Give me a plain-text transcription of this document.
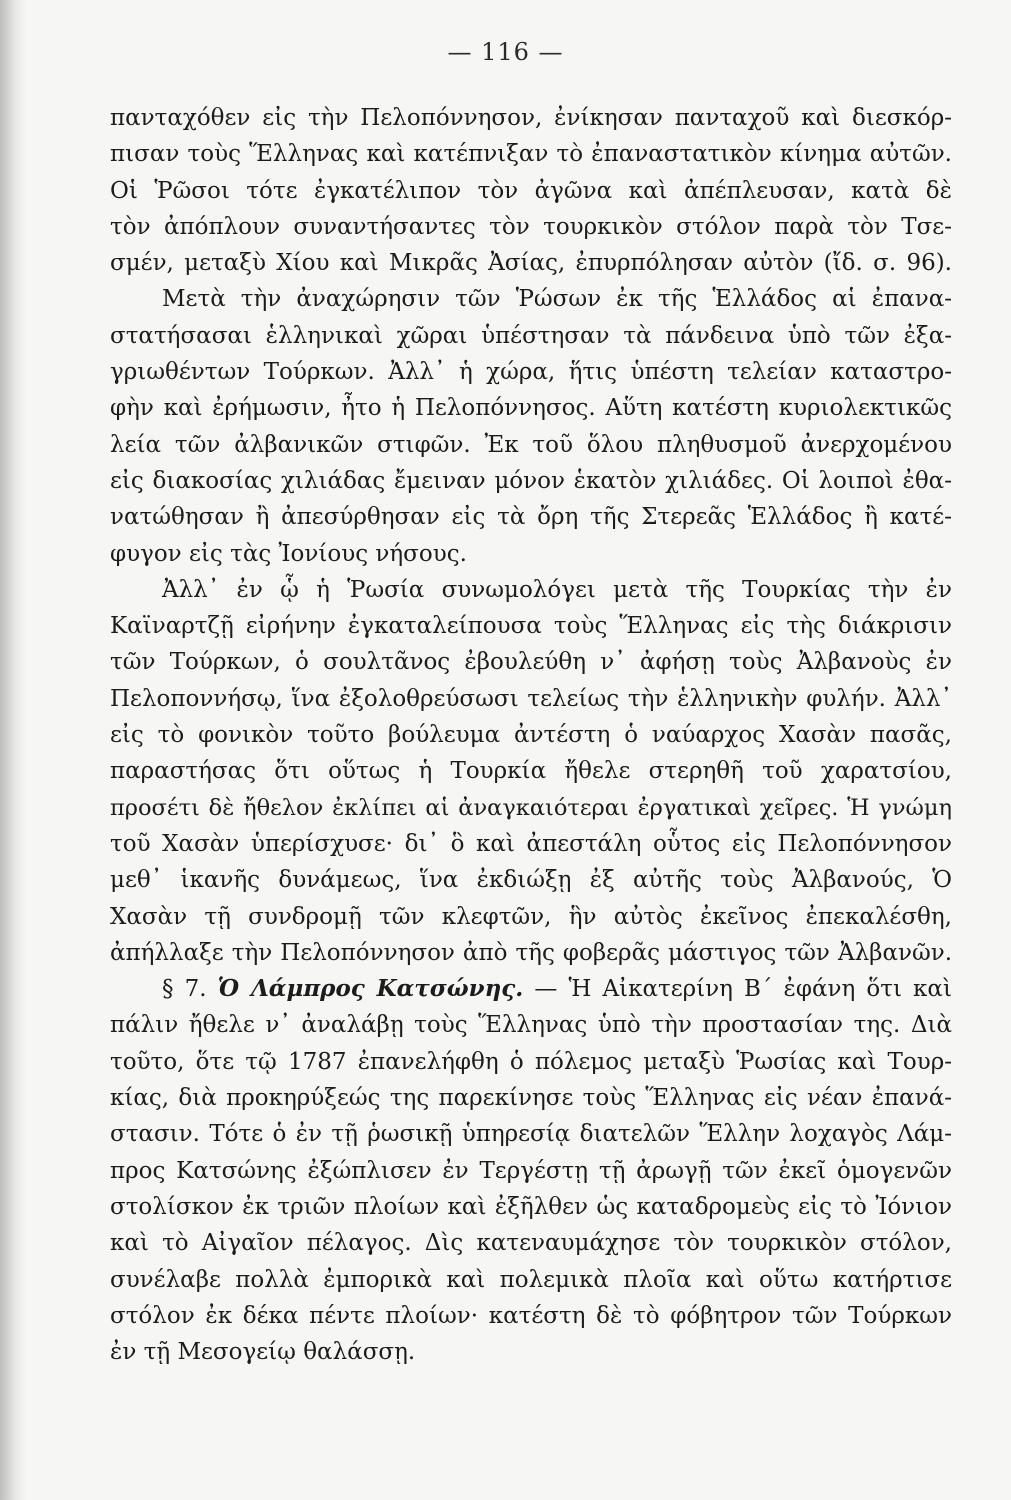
— 116 —
πανταχόθεν εἰς τὴν Πελοπόννησον, ἐνίκησαν πανταχοῦ καὶ διεσκόρ-
πισαν τοὺς Ἕλληνας καὶ κατέπνιξαν τὸ ἐπαναστατικὸν κίνημα αὐτῶν.
Οἱ Ῥῶσοι τότε ἐγκατέλιπον τὸν ἀγῶνα καὶ ἀπέπλευσαν, κατὰ δὲ
τὸν ἀπόπλουν συναντήσαντες τὸν τουρκικὸν στόλον παρὰ τὸν Τσε-
σμέν, μεταξὺ Χίου καὶ Μικρᾶς Ἀσίας, ἐπυρπόλησαν αὐτὸν (ἴδ. σ. 96).
Μετὰ τὴν ἀναχώρησιν τῶν Ῥώσων ἐκ τῆς Ἑλλάδος αἱ ἐπανα-
στατήσασαι ἑλληνικαὶ χῶραι ὑπέστησαν τὰ πάνδεινα ὑπὸ τῶν ἐξα-
γριωθέντων Τούρκων. Ἀλλ᾽ ἡ χώρα, ἥτις ὑπέστη τελείαν καταστρο-
φὴν καὶ ἐρήμωσιν, ἦτο ἡ Πελοπόννησος. Αὕτη κατέστη κυριολεκτικῶς
λεία τῶν ἀλβανικῶν στιφῶν. Ἐκ τοῦ ὅλου πληθυσμοῦ ἀνερχομένου
εἰς διακοσίας χιλιάδας ἔμειναν μόνον ἑκατὸν χιλιάδες. Οἱ λοιποὶ ἐθα-
νατώθησαν ἢ ἀπεσύρθησαν εἰς τὰ ὄρη τῆς Στερεᾶς Ἑλλάδος ἢ κατέ-
φυγον εἰς τὰς Ἰονίους νήσους.
Ἀλλ᾽ ἐν ᾧ ἡ Ῥωσία συνωμολόγει μετὰ τῆς Τουρκίας τὴν ἐν
Καϊναρτζῇ εἰρήνην ἐγκαταλείπουσα τοὺς Ἕλληνας εἰς τὴς διάκρισιν
τῶν Τούρκων, ὁ σουλτᾶνος ἐβουλεύθη ν᾽ ἀφήσῃ τοὺς Ἀλβανοὺς ἐν
Πελοποννήσῳ, ἵνα ἐξολοθρεύσωσι τελείως τὴν ἑλληνικὴν φυλήν. Ἀλλ᾽
εἰς τὸ φονικὸν τοῦτο βούλευμα ἀντέστη ὁ ναύαρχος Χασὰν πασᾶς,
παραστήσας ὅτι οὕτως ἡ Τουρκία ἤθελε στερηθῆ τοῦ χαρατσίου,
προσέτι δὲ ἤθελον ἐκλίπει αἱ ἀναγκαιότεραι ἐργατικαὶ χεῖρες. Ἡ γνώμη
τοῦ Χασὰν ὑπερίσχυσε· δι᾽ ὃ καὶ ἀπεστάλη οὗτος εἰς Πελοπόννησον
μεθ᾽ ἱκανῆς δυνάμεως, ἵνα ἐκδιώξῃ ἐξ αὐτῆς τοὺς Ἀλβανούς, Ὁ
Χασὰν τῇ συνδρομῇ τῶν κλεφτῶν, ἣν αὐτὸς ἐκεῖνος ἐπεκαλέσθη,
ἀπήλλαξε τὴν Πελοπόννησον ἀπὸ τῆς φοβερᾶς μάστιγος τῶν Ἀλβανῶν.
§ 7. Ὁ Λάμπρος Κατσώνης. — Ἡ Αἰκατερίνη Β΄ ἐφάνη ὅτι καὶ
πάλιν ἤθελε ν᾽ ἀναλάβῃ τοὺς Ἕλληνας ὑπὸ τὴν προστασίαν της. Διὰ
τοῦτο, ὅτε τῷ 1787 ἐπανελήφθη ὁ πόλεμος μεταξὺ Ῥωσίας καὶ Τουρ-
κίας, διὰ προκηρύξεώς της παρεκίνησε τοὺς Ἕλληνας εἰς νέαν ἐπανά-
στασιν. Τότε ὁ ἐν τῇ ῥωσικῇ ὑπηρεσίᾳ διατελῶν Ἕλλην λοχαγὸς Λάμ-
προς Κατσώνης ἐξώπλισεν ἐν Τεργέστῃ τῇ ἀρωγῇ τῶν ἐκεῖ ὁμογενῶν
στολίσκον ἐκ τριῶν πλοίων καὶ ἐξῆλθεν ὡς καταδρομεὺς εἰς τὸ Ἰόνιον
καὶ τὸ Αἰγαῖον πέλαγος. Δὶς κατεναυμάχησε τὸν τουρκικὸν στόλον,
συνέλαβε πολλὰ ἐμπορικὰ καὶ πολεμικὰ πλοῖα καὶ οὕτω κατήρτισε
στόλον ἐκ δέκα πέντε πλοίων· κατέστη δὲ τὸ φόβητρον τῶν Τούρκων
ἐν τῇ Μεσογείῳ θαλάσσῃ.
